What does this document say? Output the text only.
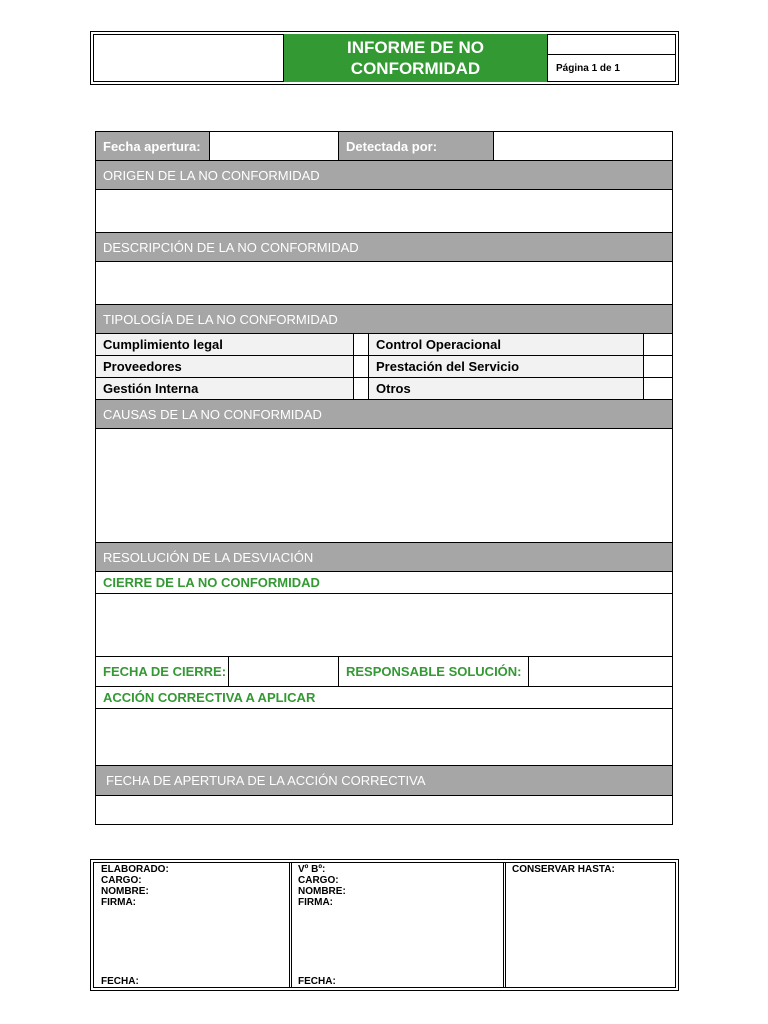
INFORME DE NO
CONFORMIDAD	Página 1 de 1
Fecha apertura:	Detectada por:
ORIGEN DE LA NO CONFORMIDAD
DESCRIPCIÓN DE LA NO CONFORMIDAD
TIPOLOGÍA DE LA NO CONFORMIDAD
Cumplimiento legal	Control Operacional
Proveedores	Prestación del Servicio
Gestión Interna	Otros
CAUSAS DE LA NO CONFORMIDAD
RESOLUCIÓN DE LA DESVIACIÓN
CIERRE DE LA NO CONFORMIDAD
FECHA DE CIERRE:	RESPONSABLE SOLUCIÓN:
ACCIÓN CORRECTIVA A APLICAR
FECHA DE APERTURA DE LA ACCIÓN CORRECTIVA
ELABORADO:
CARGO:
NOMBRE:
FIRMA:
FECHA:
Vº Bº:
CARGO:
NOMBRE:
FIRMA:
FECHA:
CONSERVAR HASTA:
